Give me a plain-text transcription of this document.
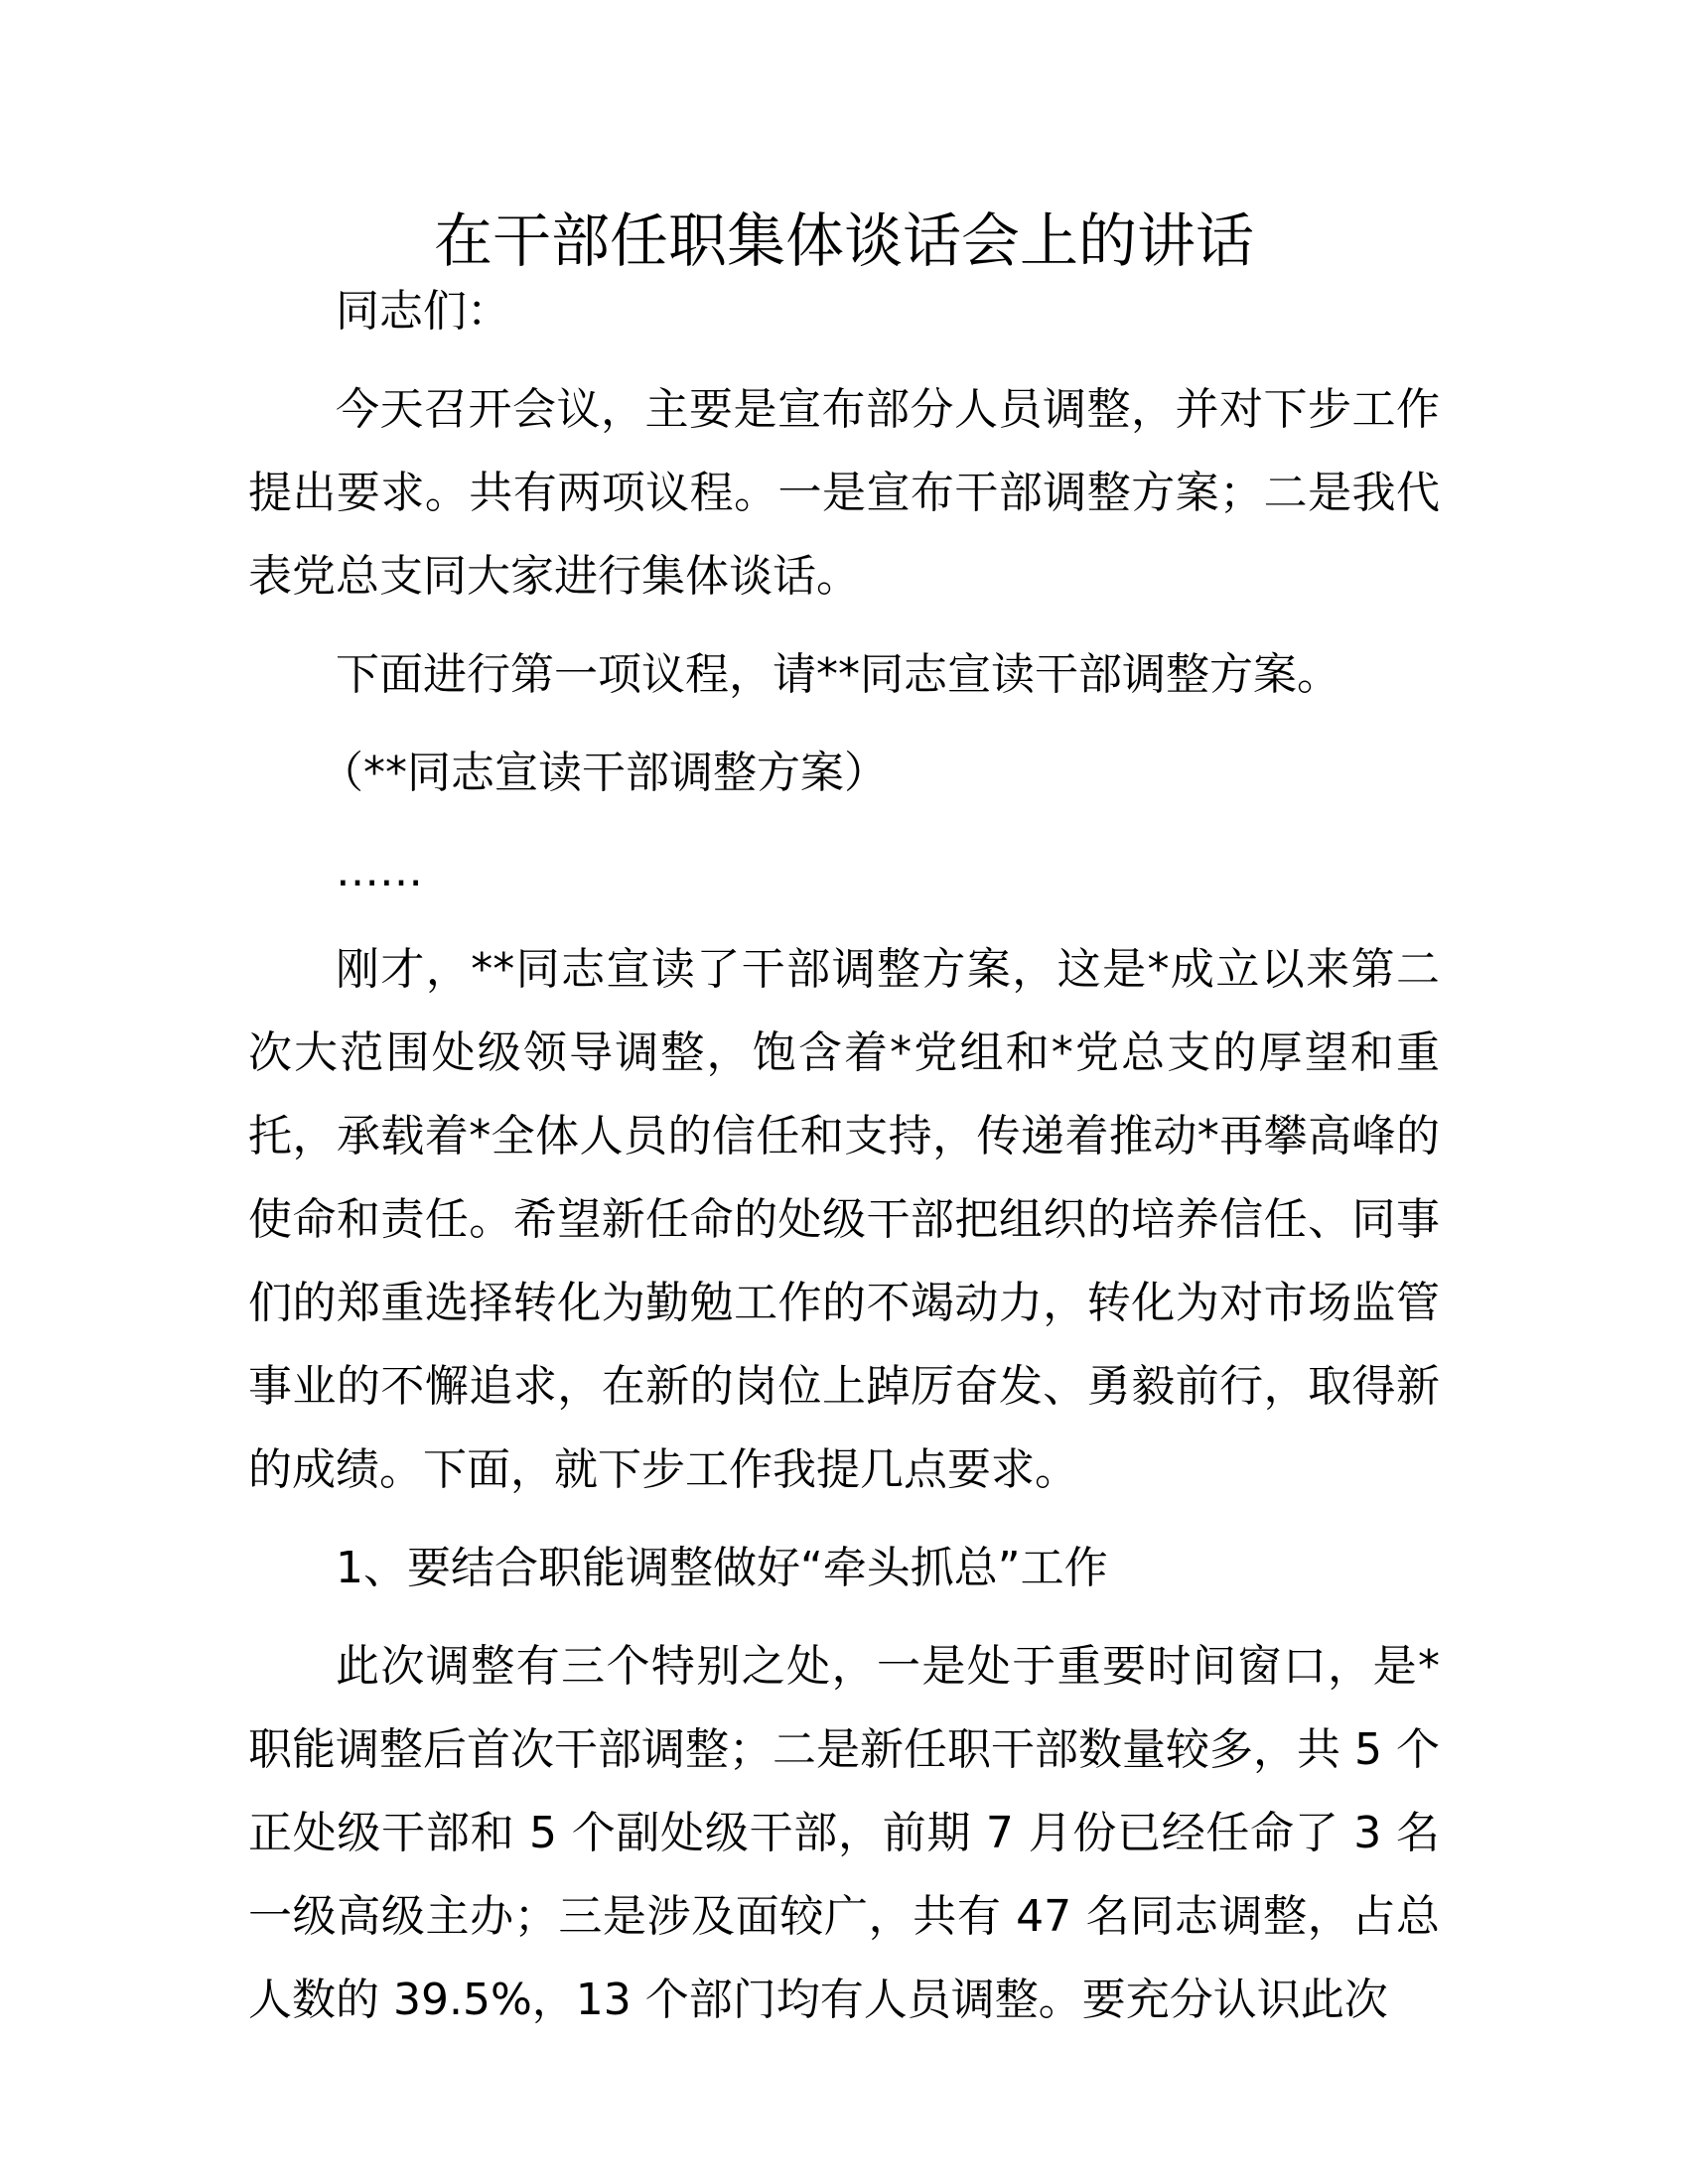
在干部任职集体谈话会上的讲话

同志们：

今天召开会议，主要是宣布部分人员调整，并对下步工作提出要求。共有两项议程。一是宣布干部调整方案；二是我代表党总支同大家进行集体谈话。

下面进行第一项议程，请**同志宣读干部调整方案。

（**同志宣读干部调整方案）

……

刚才，**同志宣读了干部调整方案，这是*成立以来第二次大范围处级领导调整，饱含着*党组和*党总支的厚望和重托，承载着*全体人员的信任和支持，传递着推动*再攀高峰的使命和责任。希望新任命的处级干部把组织的培养信任、同事们的郑重选择转化为勤勉工作的不竭动力，转化为对市场监管事业的不懈追求，在新的岗位上踔厉奋发、勇毅前行，取得新的成绩。下面，就下步工作我提几点要求。

1、要结合职能调整做好“牵头抓总”工作

此次调整有三个特别之处，一是处于重要时间窗口，是*职能调整后首次干部调整；二是新任职干部数量较多，共 5 个正处级干部和 5 个副处级干部，前期 7 月份已经任命了 3 名一级高级主办；三是涉及面较广，共有 47 名同志调整，占总人数的 39.5%，13 个部门均有人员调整。要充分认识此次
